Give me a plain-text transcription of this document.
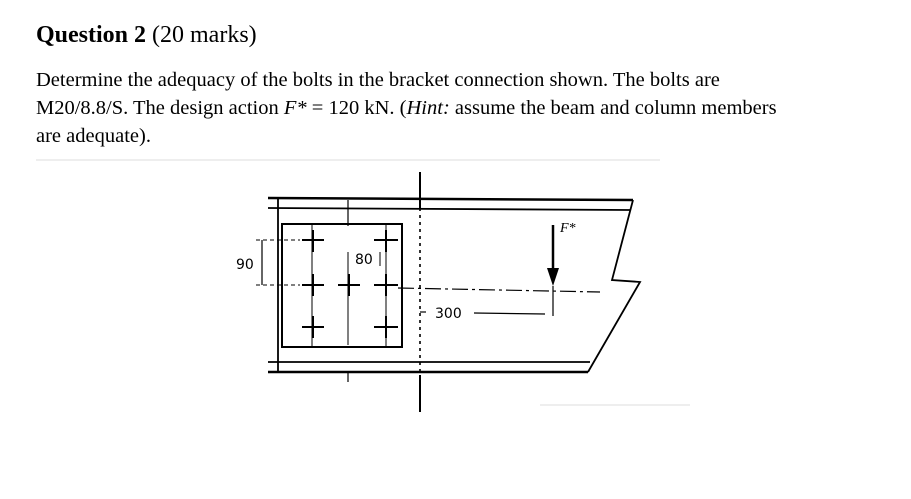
Question 2 (20 marks)

Determine the adequacy of the bolts in the bracket connection shown. The bolts are

M20/8.8/S. The design action F* = 120 kN. (Hint: assume the beam and column members

are adequate).

90	80
300
F*
